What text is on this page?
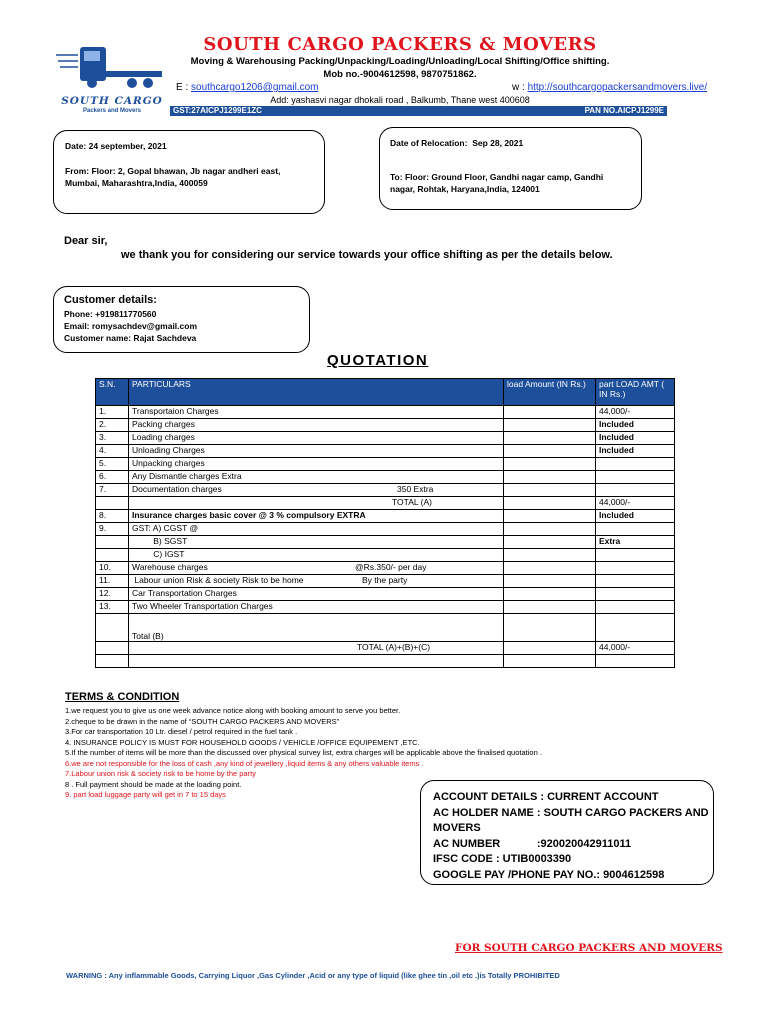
SOUTH CARGO
Packers and Movers
SOUTH CARGO PACKERS & MOVERS
Moving & Warehousing Packing/Unpacking/Loading/Unloading/Local Shifting/Office shifting.
Mob no.-9004612598, 9870751862.
E : southcargo1206@gmail.com	w : http://southcargopackersandmovers.live/
Add: yashasvi nagar dhokali road , Balkumb, Thane west 400608
GST:27AICPJ1299E1ZC	PAN NO.AICPJ1299E
Date: 24 september, 2021
From: Floor: 2, Gopal bhawan, Jb nagar andheri east,
Mumbai, Maharashtra,India, 400059
Date of Relocation: Sep 28, 2021
To: Floor: Ground Floor, Gandhi nagar camp, Gandhi
nagar, Rohtak, Haryana,India, 124001
Dear sir,
we thank you for considering our service towards your office shifting as per the details below.
Customer details:
Phone: +919811770560
Email: romysachdev@gmail.com
Customer name: Rajat Sachdeva
QUOTATION
S.N.	PARTICULARS	load Amount (IN Rs.)	part LOAD AMT ( IN Rs.)
1.	Transportaion Charges		44,000/-
2.	Packing charges		Included
3.	Loading charges		Included
4.	Unloading Charges		Included
5.	Unpacking charges

6.	Any Dismantle charges Extra

7.	Documentation charges 350 Extra		

	TOTAL (A)		44,000/-
8.	Insurance charges basic cover @ 3 % compulsory EXTRA		Included
9.	GST: A) CGST @

	B) SGST		Extra
	C) IGST

10.	Warehouse charges @Rs.350/- per day		

11.	Labour union Risk & society Risk to be home By the party		

12.	Car Transportation Charges

13.	Two Wheeler Transportation Charges

	Total (B)

	TOTAL (A)+(B)+(C)		44,000/-

TERMS & CONDITION
1.we request you to give us one week advance notice along with booking amount to serve you better.
2.cheque to be drawn in the name of “SOUTH CARGO PACKERS AND MOVERS”
3.For car transportation 10 Ltr. diesel / petrol required in the fuel tank .
4. INSURANCE POLICY IS MUST FOR HOUSEHOLD GOODS / VEHICLE /OFFICE EQUIPEMENT ,ETC.
5.If the number of items will be more than the discussed over physical survey list, extra charges will be applicable above the finalised quotation .
6.we are not responsible for the loss of cash ,any kind of jewellery ,liquid items & any others valuable items .
7.Labour union risk & society risk to be home by the party
8 . Full payment should be made at the loading point.
9. part load luggage party will get in 7 to 15 days	ACCOUNT DETAILS : CURRENT ACCOUNT
AC HOLDER NAME : SOUTH CARGO PACKERS AND
MOVERS
AC NUMBER            :920020042911011
IFSC CODE : UTIB0003390
GOOGLE PAY /PHONE PAY NO.: 9004612598
FOR SOUTH CARGO PACKERS AND MOVERS
WARNING : Any inflammable Goods, Carrying Liquor ,Gas Cylinder ,Acid or any type of liquid (like ghee tin ,oil etc .)is Totally PROHIBITED
